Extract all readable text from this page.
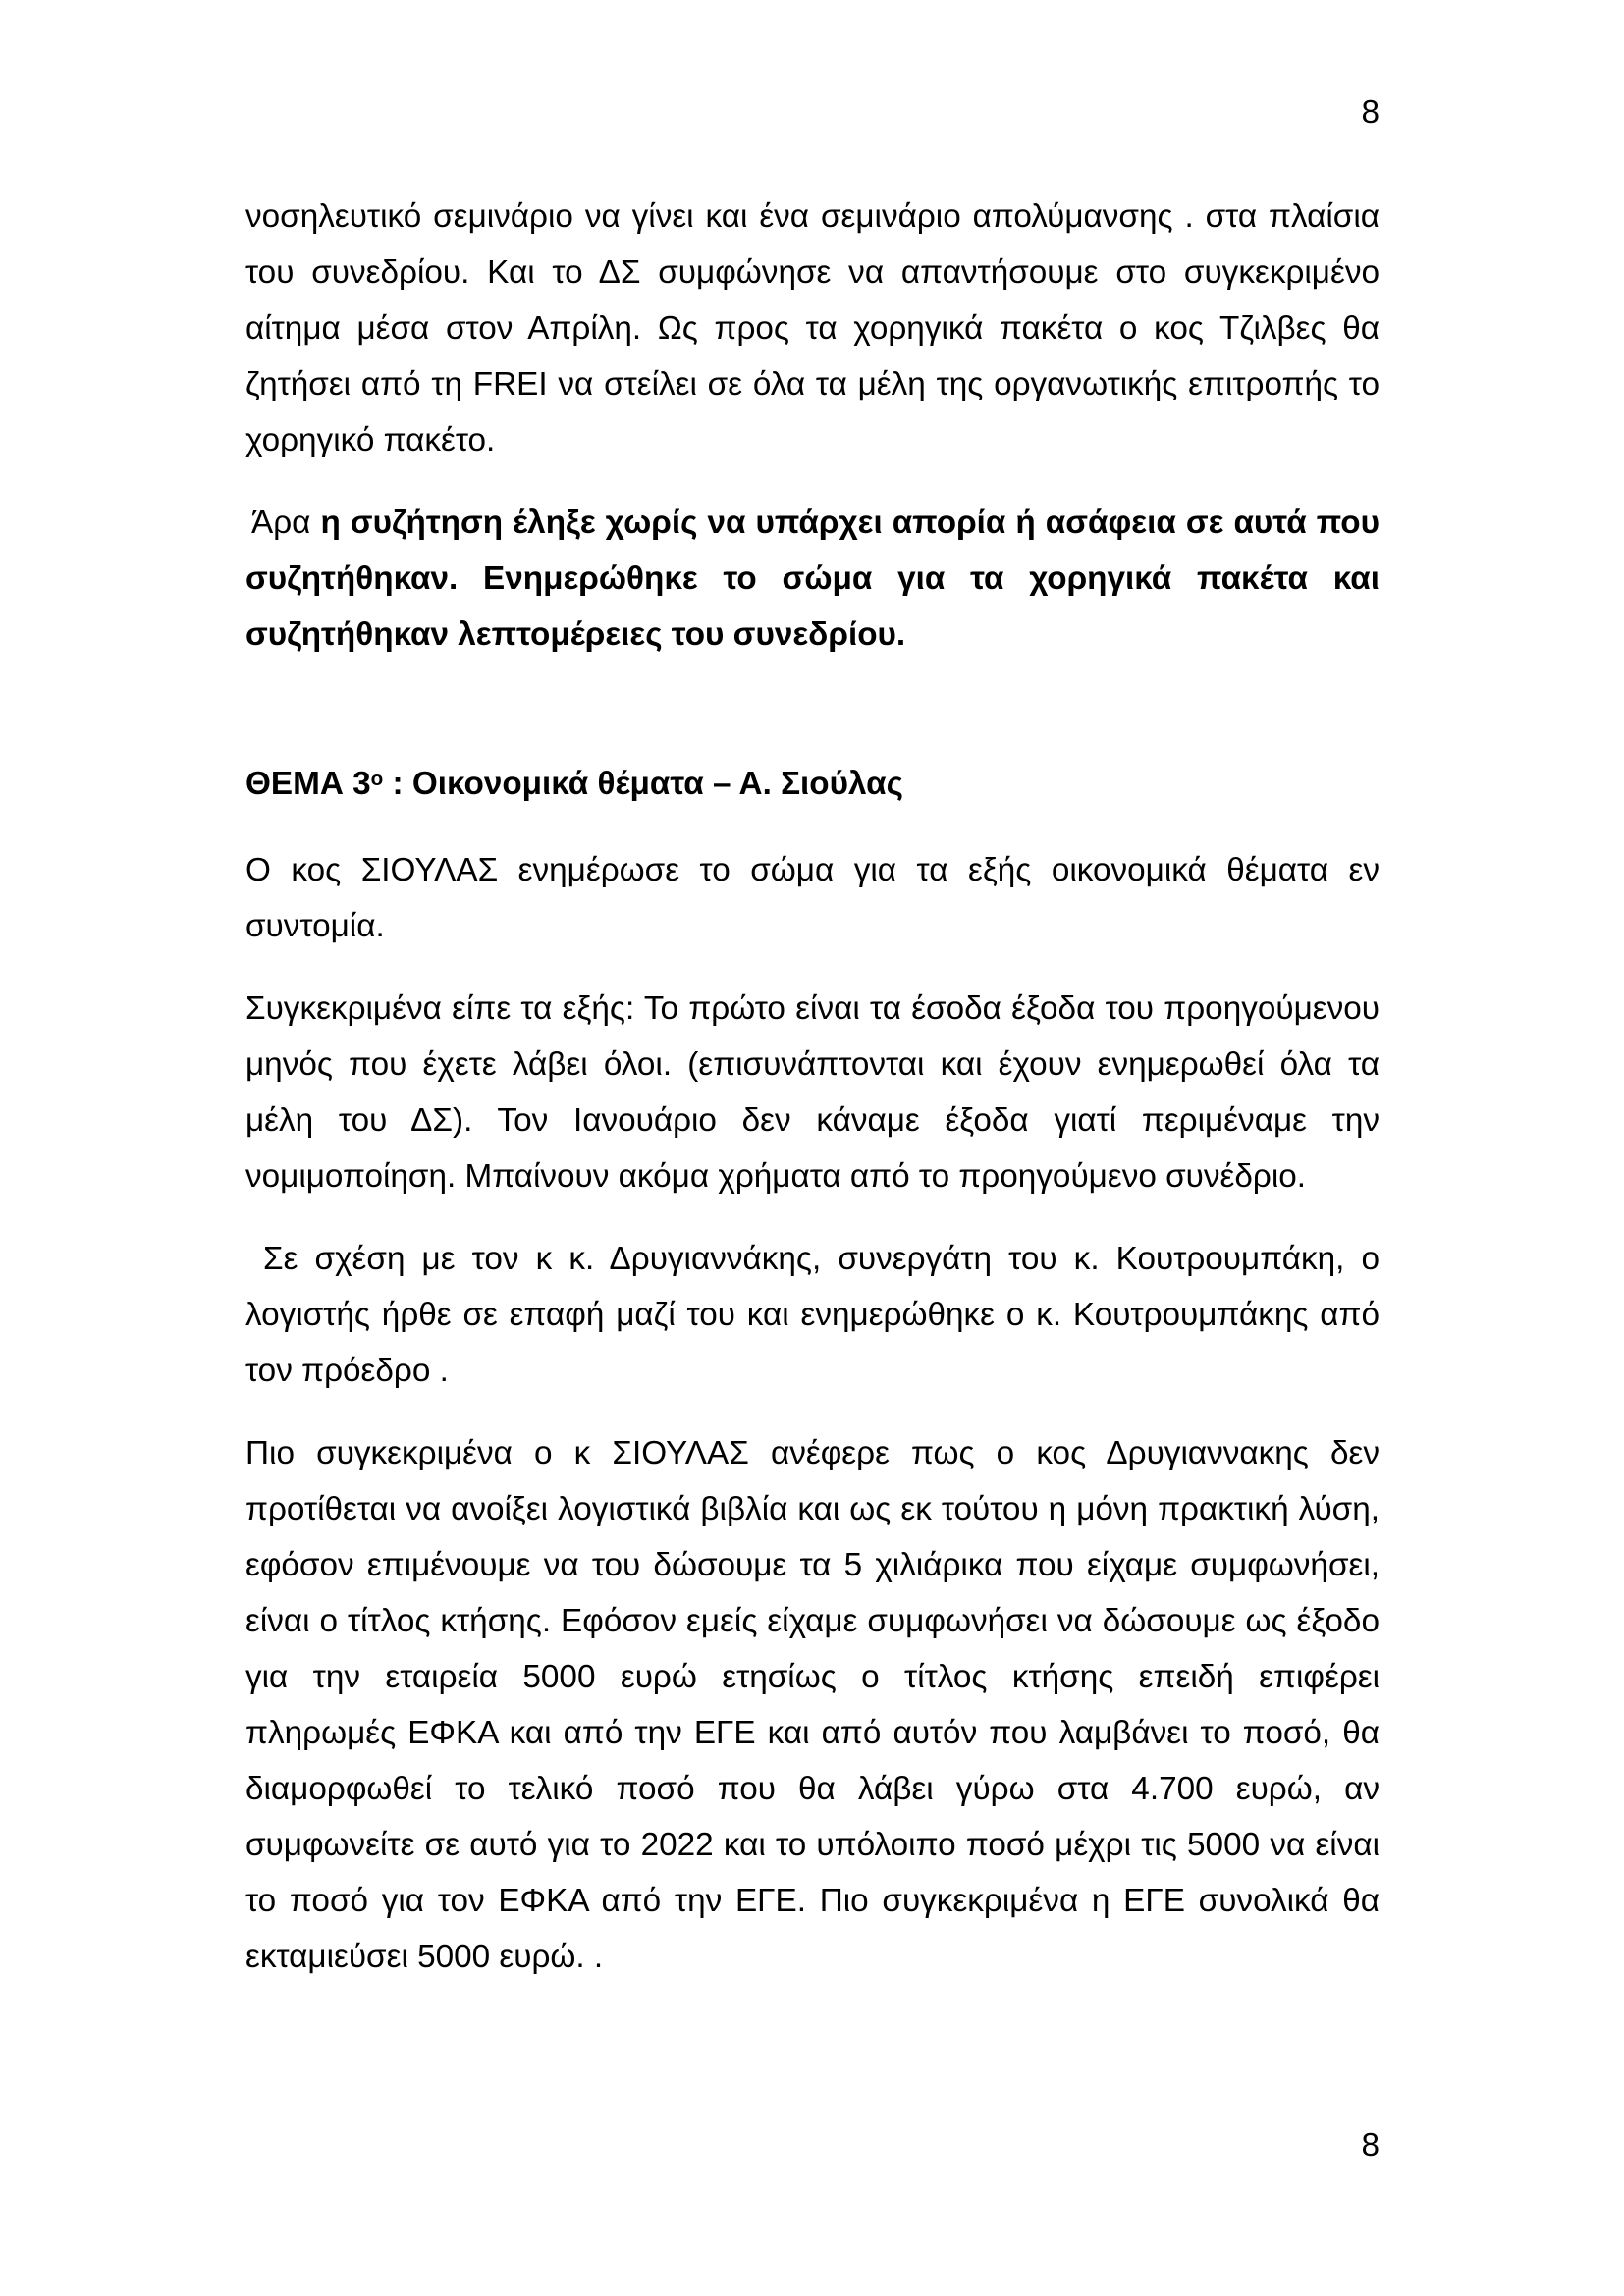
8

νοσηλευτικό σεμινάριο να γίνει και ένα σεμινάριο απολύμανσης . στα πλαίσια του συνεδρίου. Και το ΔΣ συμφώνησε να απαντήσουμε στο συγκεκριμένο αίτημα μέσα στον Απρίλη. Ως προς τα χορηγικά πακέτα ο κος Τζιλβες θα ζητήσει από τη FREI να στείλει σε όλα τα μέλη της οργανωτικής επιτροπής το χορηγικό πακέτο.

Άρα η συζήτηση έληξε χωρίς να υπάρχει απορία ή ασάφεια σε αυτά που συζητήθηκαν. Ενημερώθηκε το σώμα για τα χορηγικά πακέτα και συζητήθηκαν λεπτομέρειες του συνεδρίου.

ΘΕΜΑ $3^o$ : Οικονομικά θέματα – Α. Σιούλας

Ο κος ΣΙΟΥΛΑΣ ενημέρωσε το σώμα για τα εξής οικονομικά θέματα εν συντομία.

Συγκεκριμένα είπε τα εξής: Το πρώτο είναι τα έσοδα έξοδα του προηγούμενου μηνός που έχετε λάβει όλοι. (επισυνάπτονται και έχουν ενημερωθεί όλα τα μέλη του ΔΣ). Τον Ιανουάριο δεν κάναμε έξοδα γιατί περιμέναμε την νομιμοποίηση. Μπαίνουν ακόμα χρήματα από το προηγούμενο συνέδριο.

Σε σχέση με τον κ κ. Δρυγιαννάκης, συνεργάτη του κ. Κουτρουμπάκη, ο λογιστής ήρθε σε επαφή μαζί του και ενημερώθηκε ο κ. Κουτρουμπάκης από τον πρόεδρο .

Πιο συγκεκριμένα ο κ ΣΙΟΥΛΑΣ ανέφερε πως ο κος Δρυγιαννακης δεν προτίθεται να ανοίξει λογιστικά βιβλία και ως εκ τούτου η μόνη πρακτική λύση, εφόσον επιμένουμε να του δώσουμε τα 5 χιλιάρικα που είχαμε συμφωνήσει, είναι ο τίτλος κτήσης. Εφόσον εμείς είχαμε συμφωνήσει να δώσουμε ως έξοδο για την εταιρεία 5000 ευρώ ετησίως ο τίτλος κτήσης επειδή επιφέρει πληρωμές ΕΦΚΑ και από την ΕΓΕ και από αυτόν που λαμβάνει το ποσό, θα διαμορφωθεί το τελικό ποσό που θα λάβει γύρω στα 4.700 ευρώ, αν συμφωνείτε σε αυτό για το 2022 και το υπόλοιπο ποσό μέχρι τις 5000 να είναι το ποσό για τον ΕΦΚΑ από την ΕΓΕ. Πιο συγκεκριμένα η ΕΓΕ συνολικά θα εκταμιεύσει 5000 ευρώ. .

8
